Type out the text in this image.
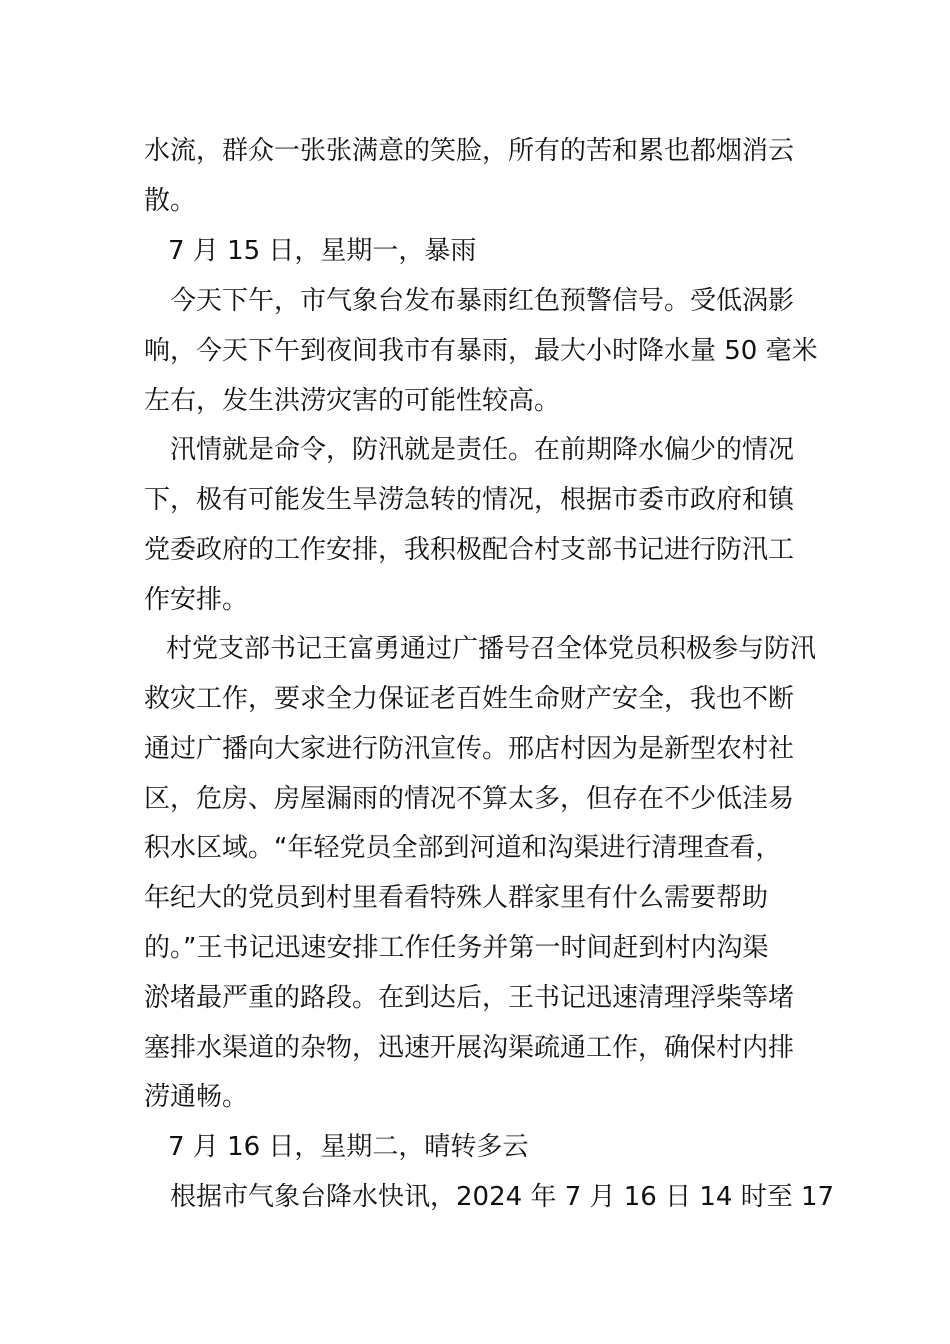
水流，群众一张张满意的笑脸，所有的苦和累也都烟消云
散。
7 月 15 日，星期一，暴雨
今天下午，市气象台发布暴雨红色预警信号。受低涡影
响，今天下午到夜间我市有暴雨，最大小时降水量 50 毫米
左右，发生洪涝灾害的可能性较高。
汛情就是命令，防汛就是责任。在前期降水偏少的情况
下，极有可能发生旱涝急转的情况，根据市委市政府和镇
党委政府的工作安排，我积极配合村支部书记进行防汛工
作安排。
村党支部书记王富勇通过广播号召全体党员积极参与防汛
救灾工作，要求全力保证老百姓生命财产安全，我也不断
通过广播向大家进行防汛宣传。邢店村因为是新型农村社
区，危房、房屋漏雨的情况不算太多，但存在不少低洼易
积水区域。“年轻党员全部到河道和沟渠进行清理查看，
年纪大的党员到村里看看特殊人群家里有什么需要帮助
的。”王书记迅速安排工作任务并第一时间赶到村内沟渠
淤堵最严重的路段。在到达后，王书记迅速清理浮柴等堵
塞排水渠道的杂物，迅速开展沟渠疏通工作，确保村内排
涝通畅。
7 月 16 日，星期二，晴转多云
根据市气象台降水快讯，2024 年 7 月 16 日 14 时至 17
